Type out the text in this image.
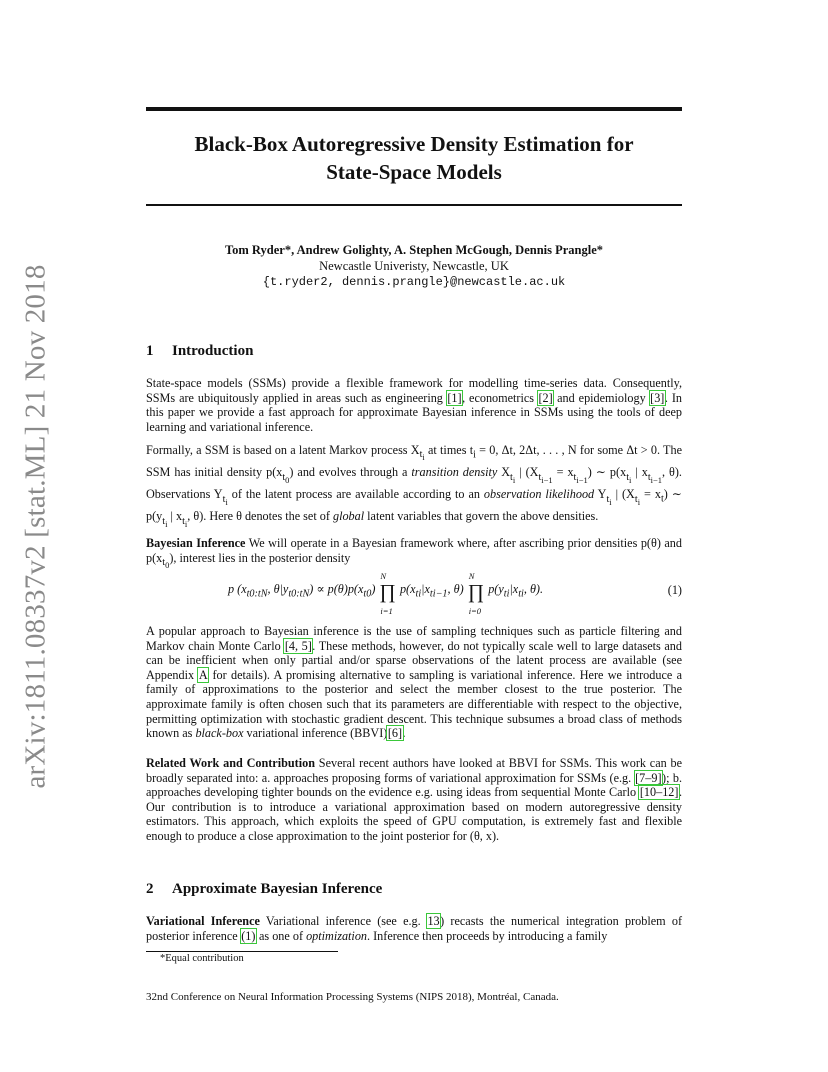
arXiv:1811.08337v2 [stat.ML] 21 Nov 2018
Black-Box Autoregressive Density Estimation for
State-Space Models
Tom Ryder*, Andrew Golighty, A. Stephen McGough, Dennis Prangle*
Newcastle Univeristy, Newcastle, UK
{t.ryder2, dennis.prangle}@newcastle.ac.uk
1 Introduction

State-space models (SSMs) provide a flexible framework for modelling time-series data. Consequently, SSMs are ubiquitously applied in areas such as engineering [1], econometrics [2] and epidemiology [3]. In this paper we provide a fast approach for approximate Bayesian inference in SSMs using the tools of deep learning and variational inference.

Formally, a SSM is based on a latent Markov process $X_{t_i}$ at times $t_i = 0$, Δt, 2Δt, . . . , N for some Δt > 0. The SSM has initial density $p(x_{t_0})$ and evolves through a transition density $X_{t_i}$ | $(X_{t_{i-1}} = x_{t_{i-1}})$ ∼ $p(x_{t_i}$ | $x_{t_{i-1}}$, θ). Observations $Y_{t_i}$ of the latent process are available according to an observation likelihood $Y_{t_i}$ | $(X_{t_i} = x_t)$ ∼ $p(y_{t_i}$ | $x_{t_i}$, θ). Here θ denotes the set of global latent variables that govern the above densities.

Bayesian Inference We will operate in a Bayesian framework where, after ascribing prior densities p(θ) and $p(x_{t_0})$, interest lies in the posterior density

p ($x_{t0:tN}$, $\theta|y_{t0:tN}) \propto p(\theta)p(x_{t0})$ ∏
N
i=1
$p(x_{ti}|x_{ti-1}$, θ) ∏
N
i=0
$p(y_{ti}|x_{ti}$, θ).	(1)

A popular approach to Bayesian inference is the use of sampling techniques such as particle filtering and Markov chain Monte Carlo [4, 5]. These methods, however, do not typically scale well to large datasets and can be inefficient when only partial and/or sparse observations of the latent process are available (see Appendix A for details). A promising alternative to sampling is variational inference. Here we introduce a family of approximations to the posterior and select the member closest to the true posterior. The approximate family is often chosen such that its parameters are differentiable with respect to the objective, permitting optimization with stochastic gradient descent. This technique subsumes a broad class of methods known as black-box variational inference (BBVI)[6].

Related Work and Contribution Several recent authors have looked at BBVI for SSMs. This work can be broadly separated into: a. approaches proposing forms of variational approximation for SSMs (e.g. [7–9]); b. approaches developing tighter bounds on the evidence e.g. using ideas from sequential Monte Carlo [10–12]. Our contribution is to introduce a variational approximation based on modern autoregressive density estimators. This approach, which exploits the speed of GPU computation, is extremely fast and flexible enough to produce a close approximation to the joint posterior for (θ, x).

2 Approximate Bayesian Inference

Variational Inference Variational inference (see e.g. 13) recasts the numerical integration problem of posterior inference (1) as one of optimization. Inference then proceeds by introducing a family

*Equal contribution
32nd Conference on Neural Information Processing Systems (NIPS 2018), Montréal, Canada.
